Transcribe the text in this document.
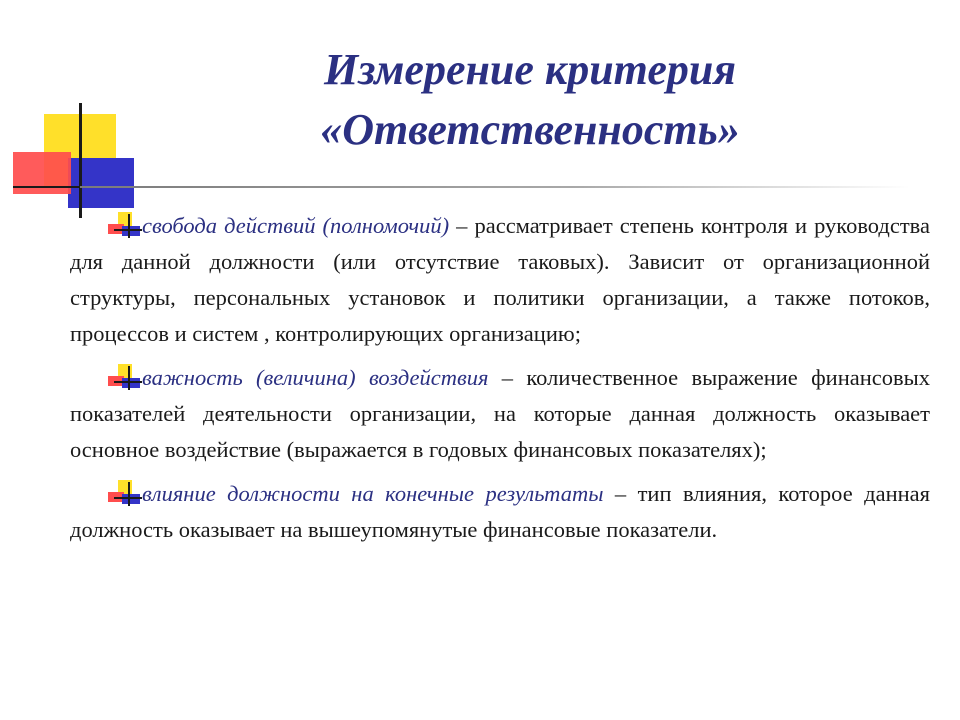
Измерение критерия
«Ответственность»

свобода действий (полномочий) – рассматривает степень контроля и руководства для данной должности (или отсутствие таковых). Зависит от организационной структуры, персональных установок и политики организации, а также потоков, процессов и систем , контролирующих организацию;

важность (величина) воздействия – количественное выражение финансовых показателей деятельности организации, на которые данная должность оказывает основное воздействие (выражается в годовых финансовых показателях);

влияние должности на конечные результаты – тип влияния, которое данная должность оказывает на вышеупомянутые финансовые показатели.
